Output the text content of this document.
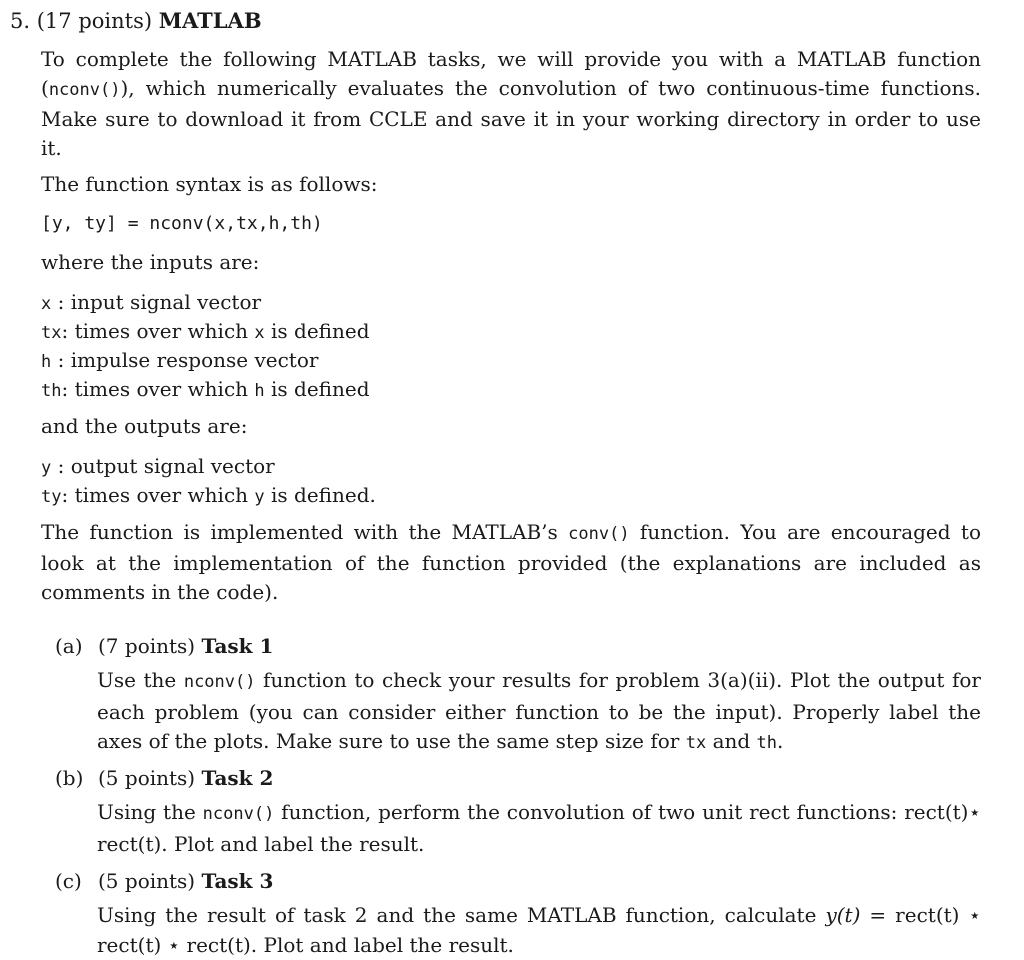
5. (17 points) MATLAB
To complete the following MATLAB tasks, we will provide you with a MATLAB function (nconv()), which numerically evaluates the convolution of two continuous-time functions. Make sure to download it from CCLE and save it in your working directory in order to use it.
The function syntax is as follows:
[y, ty] = nconv(x,tx,h,th)
where the inputs are:
x : input signal vector
tx: times over which x is defined
h : impulse response vector
th: times over which h is defined
and the outputs are:
y : output signal vector
ty: times over which y is defined.
The function is implemented with the MATLAB’s conv() function. You are encouraged to look at the implementation of the function provided (the explanations are included as comments in the code).
(a) (7 points) Task 1
Use the nconv() function to check your results for problem 3(a)(ii). Plot the output for each problem (you can consider either function to be the input). Properly label the axes of the plots. Make sure to use the same step size for tx and th.
(b) (5 points) Task 2
Using the nconv() function, perform the convolution of two unit rect functions: rect(t)⋆ rect(t). Plot and label the result.
(c) (5 points) Task 3
Using the result of task 2 and the same MATLAB function, calculate y(t) = rect(t) ⋆ rect(t) ⋆ rect(t). Plot and label the result.
